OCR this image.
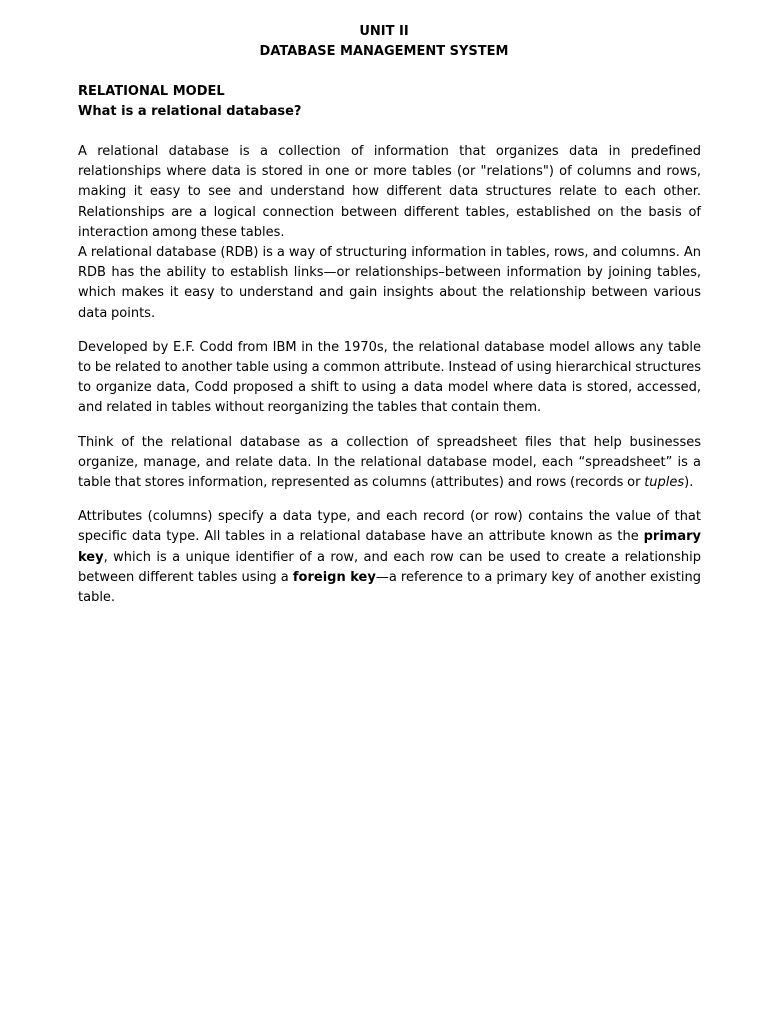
UNIT II
DATABASE MANAGEMENT SYSTEM
RELATIONAL MODEL
What is a relational database?

A relational database is a collection of information that organizes data in predefined relationships where data is stored in one or more tables (or "relations") of columns and rows, making it easy to see and understand how different data structures relate to each other. Relationships are a logical connection between different tables, established on the basis of interaction among these tables.

A relational database (RDB) is a way of structuring information in tables, rows, and columns. An RDB has the ability to establish links—or relationships–between information by joining tables, which makes it easy to understand and gain insights about the relationship between various data points.

Developed by E.F. Codd from IBM in the 1970s, the relational database model allows any table to be related to another table using a common attribute. Instead of using hierarchical structures to organize data, Codd proposed a shift to using a data model where data is stored, accessed, and related in tables without reorganizing the tables that contain them.

Think of the relational database as a collection of spreadsheet files that help businesses organize, manage, and relate data. In the relational database model, each “spreadsheet” is a table that stores information, represented as columns (attributes) and rows (records or tuples).

Attributes (columns) specify a data type, and each record (or row) contains the value of that specific data type. All tables in a relational database have an attribute known as the primary key, which is a unique identifier of a row, and each row can be used to create a relationship between different tables using a foreign key—a reference to a primary key of another existing table.
